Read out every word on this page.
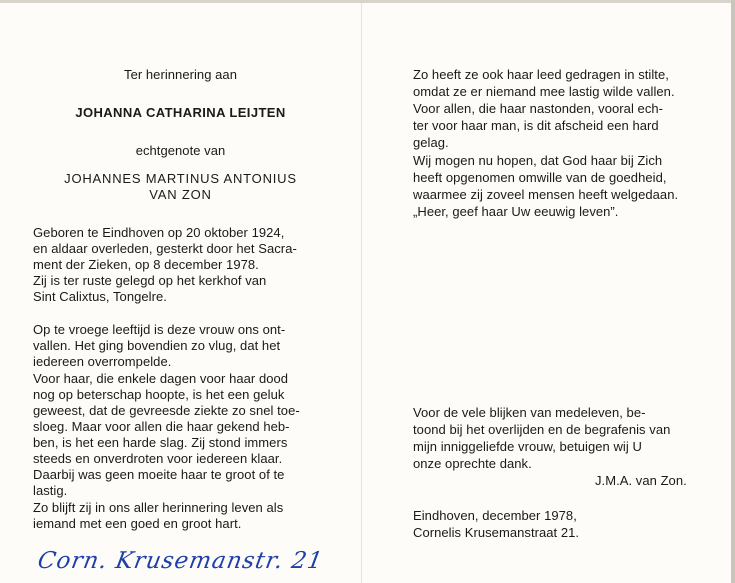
Ter herinnering aan

JOHANNA CATHARINA LEIJTEN

echtgenote van

JOHANNES MARTINUS ANTONIUS

VAN ZON

Geboren te Eindhoven op 20 oktober 1924,

en aldaar overleden, gesterkt door het Sacra-

ment der Zieken, op 8 december 1978.

Zij is ter ruste gelegd op het kerkhof van

Sint Calixtus, Tongelre.

Op te vroege leeftijd is deze vrouw ons ont-

vallen. Het ging bovendien zo vlug, dat het

iedereen overrompelde.

Voor haar, die enkele dagen voor haar dood

nog op beterschap hoopte, is het een geluk

geweest, dat de gevreesde ziekte zo snel toe-

sloeg. Maar voor allen die haar gekend heb-

ben, is het een harde slag. Zij stond immers

steeds en onverdroten voor iedereen klaar.

Daarbij was geen moeite haar te groot of te

lastig.

Zo blijft zij in ons aller herinnering leven als

iemand met een goed en groot hart.

Corn. Krusemanstr. 21

Zo heeft ze ook haar leed gedragen in stilte,

omdat ze er niemand mee lastig wilde vallen.

Voor allen, die haar nastonden, vooral ech-

ter voor haar man, is dit afscheid een hard

gelag.

Wij mogen nu hopen, dat God haar bij Zich

heeft opgenomen omwille van de goedheid,

waarmee zij zoveel mensen heeft welgedaan.

„Heer, geef haar Uw eeuwig leven”.

Voor de vele blijken van medeleven, be-

toond bij het overlijden en de begrafenis van

mijn inniggeliefde vrouw, betuigen wij U

onze oprechte dank.

J.M.A. van Zon.

Eindhoven, december 1978,

Cornelis Krusemanstraat 21.
